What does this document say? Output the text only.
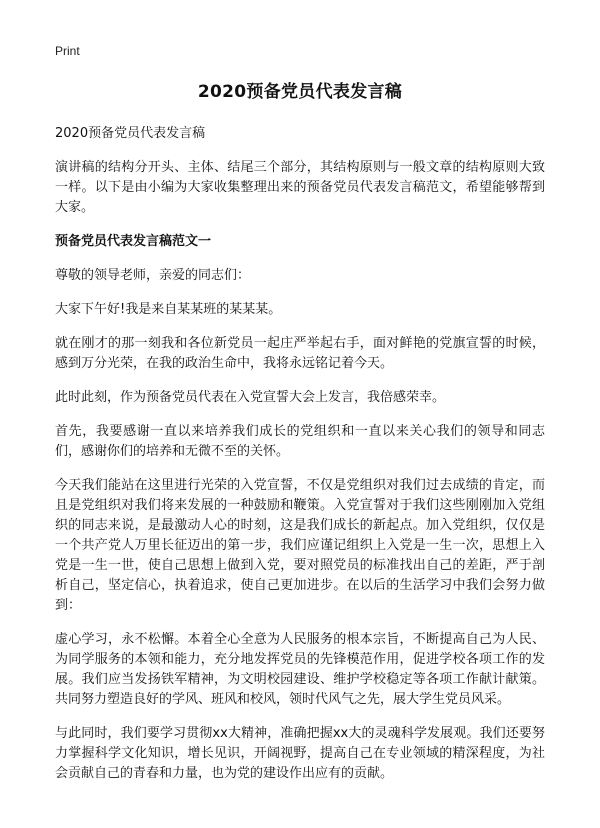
Print
2020预备党员代表发言稿

2020预备党员代表发言稿

演讲稿的结构分开头、主体、结尾三个部分，其结构原则与一般文章的结构原则大致一样。以下是由小编为大家收集整理出来的预备党员代表发言稿范文，希望能够帮到大家。

预备党员代表发言稿范文一

尊敬的领导老师，亲爱的同志们：

大家下午好!我是来自某某班的某某某。

就在刚才的那一刻我和各位新党员一起庄严举起右手，面对鲜艳的党旗宣誓的时候，感到万分光荣，在我的政治生命中，我将永远铭记着今天。

此时此刻，作为预备党员代表在入党宣誓大会上发言，我倍感荣幸。

首先，我要感谢一直以来培养我们成长的党组织和一直以来关心我们的领导和同志们，感谢你们的培养和无微不至的关怀。

今天我们能站在这里进行光荣的入党宣誓，不仅是党组织对我们过去成绩的肯定，而且是党组织对我们将来发展的一种鼓励和鞭策。入党宣誓对于我们这些刚刚加入党组织的同志来说，是最激动人心的时刻，这是我们成长的新起点。加入党组织，仅仅是一个共产党人万里长征迈出的第一步，我们应谨记组织上入党是一生一次，思想上入党是一生一世，使自己思想上做到入党，要对照党员的标准找出自己的差距，严于剖析自己，坚定信心，执着追求，使自己更加进步。在以后的生活学习中我们会努力做到：

虚心学习，永不松懈。本着全心全意为人民服务的根本宗旨，不断提高自己为人民、为同学服务的本领和能力，充分地发挥党员的先锋模范作用，促进学校各项工作的发展。我们应当发扬铁军精神，为文明校园建设、维护学校稳定等各项工作献计献策。共同努力塑造良好的学风、班风和校风，领时代风气之先，展大学生党员风采。

与此同时，我们要学习贯彻xx大精神，准确把握xx大的灵魂科学发展观。我们还要努力掌握科学文化知识，增长见识，开阔视野，提高自己在专业领域的精深程度，为社会贡献自己的青春和力量，也为党的建设作出应有的贡献。
